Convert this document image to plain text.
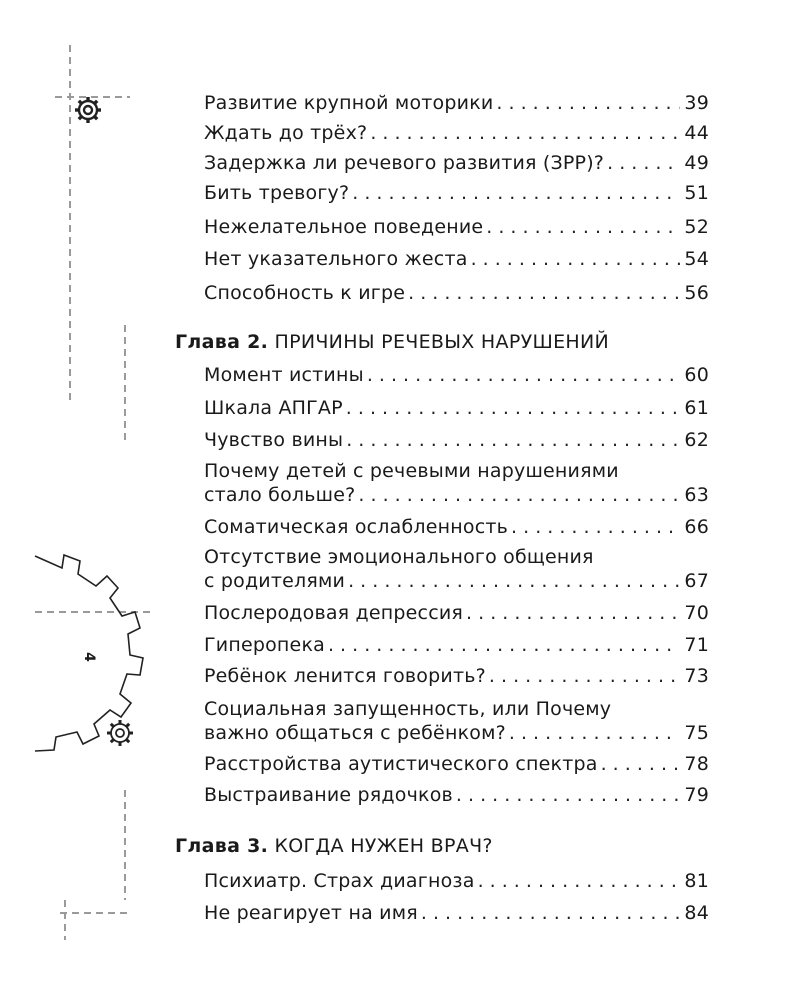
4
Развитие крупной моторики . . .	39
Ждать до трёх? . . .	44
Задержка ли речевого развития (ЗРР)? . . .	49
Бить тревогу? . . .	51
Нежелательное поведение . . .	52
Нет указательного жеста . . .	54
Способность к игре . . .	56
Глава 2. ПРИЧИНЫ РЕЧЕВЫХ НАРУШЕНИЙ
Момент истины . . .	60
Шкала АПГАР . . .	61
Чувство вины . . .	62
Почему детей с речевыми нарушениями
стало больше? . . .	63
Соматическая ослабленность . . .	66
Отсутствие эмоционального общения
с родителями . . .	67
Послеродовая депрессия . . .	70
Гиперопека . . .	71
Ребёнок ленится говорить? . . .	73
Социальная запущенность, или Почему
важно общаться с ребёнком? . . .	75
Расстройства аутистического спектра . . .	78
Выстраивание рядочков . . .	79
Глава 3. КОГДА НУЖЕН ВРАЧ?
Психиатр. Страх диагноза . . .	81
Не реагирует на имя . . .	84
